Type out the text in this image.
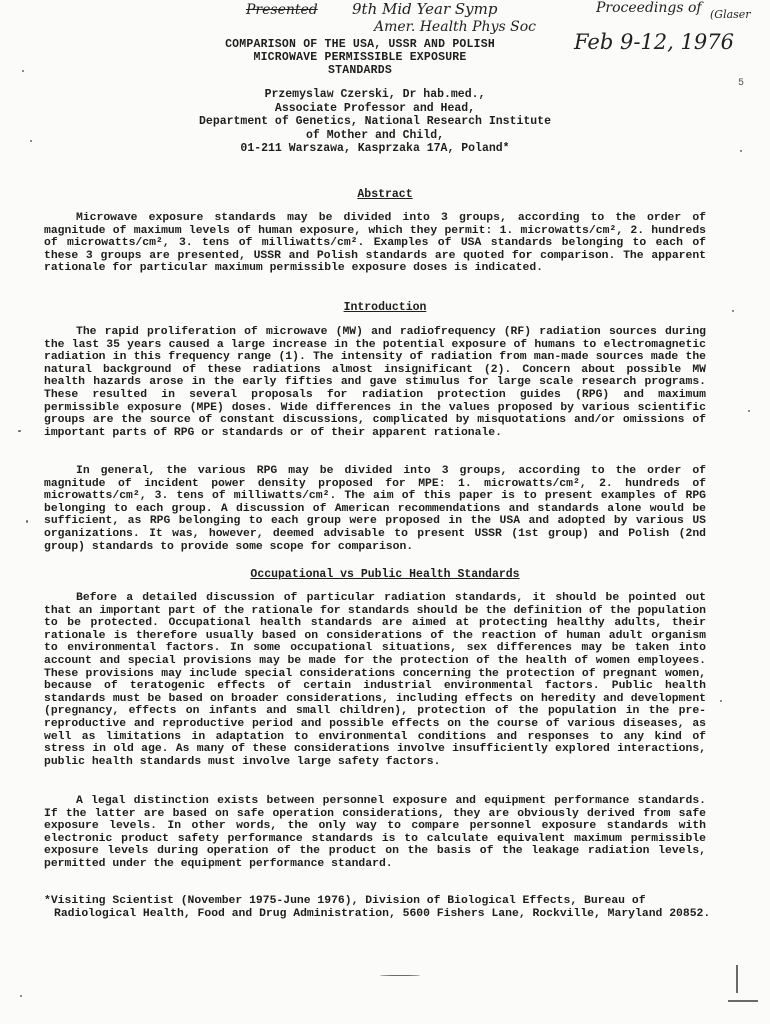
Presented 9th Mid Year Symp
Amer. Health Phys Soc
Proceedings of
Feb 9-12, 1976
(Glaser
5
COMPARISON OF THE USA, USSR AND POLISH
MICROWAVE PERMISSIBLE EXPOSURE
STANDARDS
Przemyslaw Czerski, Dr hab.med.,
Associate Professor and Head,
Department of Genetics, National Research Institute
of Mother and Child,
01-211 Warszawa, Kasprzaka 17A, Poland*
Abstract

Microwave exposure standards may be divided into 3 groups, according to the order of magnitude of maximum levels of human exposure, which they permit: 1. microwatts/cm², 2. hundreds of microwatts/cm², 3. tens of milliwatts/cm². Examples of USA standards belonging to each of these 3 groups are presented, USSR and Polish standards are quoted for comparison. The apparent rationale for particular maximum permissible exposure doses is indicated.

Introduction

The rapid proliferation of microwave (MW) and radiofrequency (RF) radiation sources during the last 35 years caused a large increase in the potential exposure of humans to electromagnetic radiation in this frequency range (1). The intensity of radiation from man-made sources made the natural background of these radiations almost insignificant (2). Concern about possible MW health hazards arose in the early fifties and gave stimulus for large scale research programs. These resulted in several proposals for radiation protection guides (RPG) and maximum permissible exposure (MPE) doses. Wide differences in the values proposed by various scientific groups are the source of constant discussions, complicated by misquotations and/or omissions of important parts of RPG or standards or of their apparent rationale.

In general, the various RPG may be divided into 3 groups, according to the order of magnitude of incident power density proposed for MPE: 1. microwatts/cm², 2. hundreds of microwatts/cm², 3. tens of milliwatts/cm². The aim of this paper is to present examples of RPG belonging to each group. A discussion of American recommendations and standards alone would be sufficient, as RPG belonging to each group were proposed in the USA and adopted by various US organizations. It was, however, deemed advisable to present USSR (1st group) and Polish (2nd group) standards to provide some scope for comparison.

Occupational vs Public Health Standards

Before a detailed discussion of particular radiation standards, it should be pointed out that an important part of the rationale for standards should be the definition of the population to be protected. Occupational health standards are aimed at protecting healthy adults, their rationale is therefore usually based on considerations of the reaction of human adult organism to environmental factors. In some occupational situations, sex differences may be taken into account and special provisions may be made for the protection of the health of women employees. These provisions may include special considerations concerning the protection of pregnant women, because of teratogenic effects of certain industrial environmental factors. Public health standards must be based on broader considerations, including effects on heredity and development (pregnancy, effects on infants and small children), protection of the population in the pre-reproductive and reproductive period and possible effects on the course of various diseases, as well as limitations in adaptation to environmental conditions and responses to any kind of stress in old age. As many of these considerations involve insufficiently explored interactions, public health standards must involve large safety factors.

A legal distinction exists between personnel exposure and equipment performance standards. If the latter are based on safe operation considerations, they are obviously derived from safe exposure levels. In other words, the only way to compare personnel exposure standards with electronic product safety performance standards is to calculate equivalent maximum permissible exposure levels during operation of the product on the basis of the leakage radiation levels, permitted under the equipment performance standard.

*Visiting Scientist (November 1975-June 1976), Division of Biological Effects, Bureau of Radiological Health, Food and Drug Administration, 5600 Fishers Lane, Rockville, Maryland 20852.
